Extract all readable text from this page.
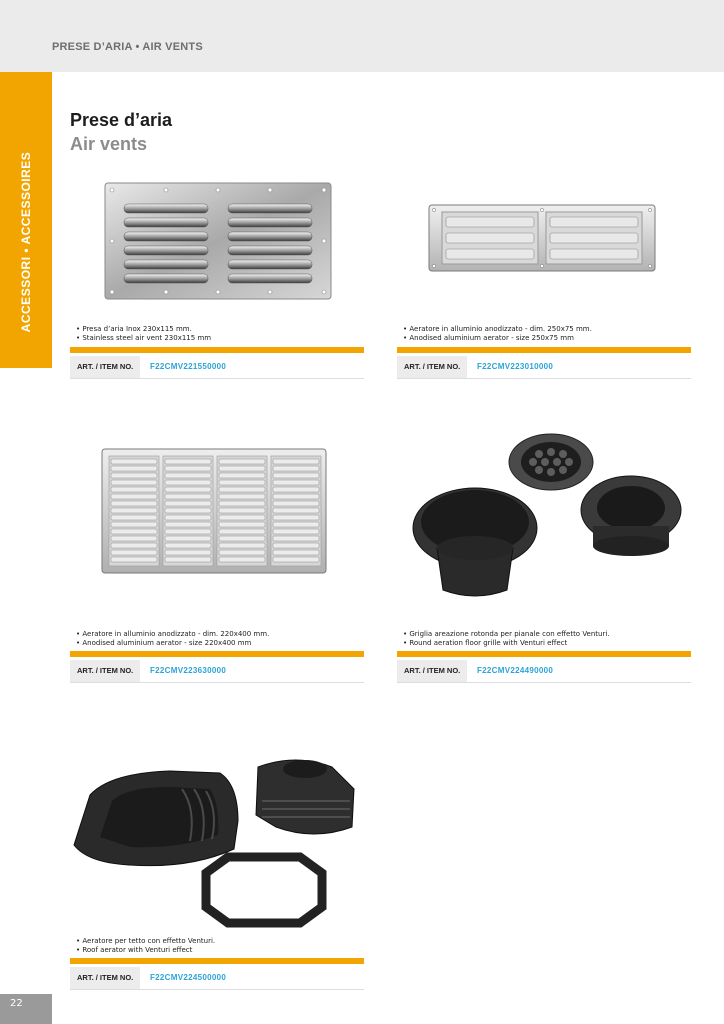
PRESE D’ARIA • AIR VENTS
ACCESSORI • ACCESSOIRES
Prese d’aria
Air vents
• Presa d’aria Inox 230x115 mm.
• Stainless steel air vent 230x115 mm
ART. / ITEM NO.	F22CMV221550000
• Aeratore in alluminio anodizzato - dim. 250x75 mm.
• Anodised aluminium aerator - size 250x75 mm
ART. / ITEM NO.	F22CMV223010000
• Aeratore in alluminio anodizzato - dim. 220x400 mm.
• Anodised aluminium aerator - size 220x400 mm
ART. / ITEM NO.	F22CMV223630000
• Griglia areazione rotonda per pianale con effetto Venturi.
• Round aeration floor grille with Venturi effect
ART. / ITEM NO.	F22CMV224490000
• Aeratore per tetto con effetto Venturi.
• Roof aerator with Venturi effect
ART. / ITEM NO.	F22CMV224500000
22
